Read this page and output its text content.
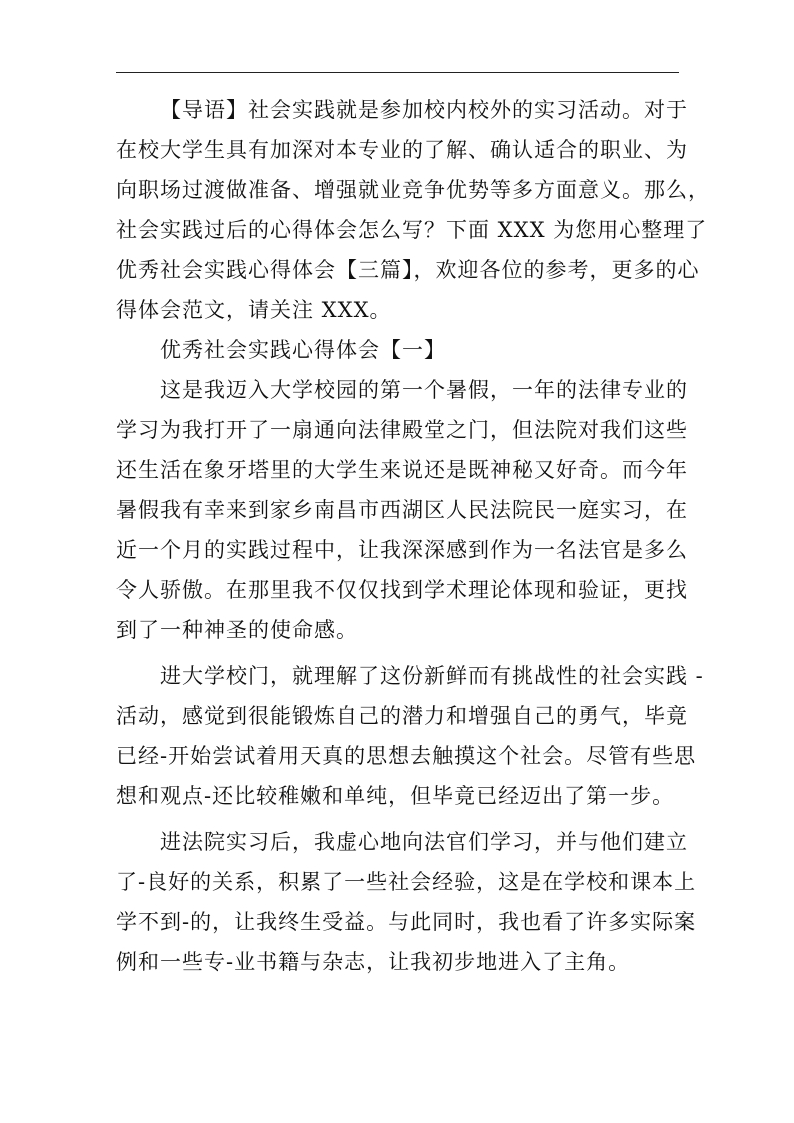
【导语】社会实践就是参加校内校外的实习活动。对于
在校大学生具有加深对本专业的了解、确认适合的职业、为
向职场过渡做准备、增强就业竞争优势等多方面意义。那么，
社会实践过后的心得体会怎么写？下面 XXX 为您用心整理了
优秀社会实践心得体会【三篇】，欢迎各位的参考，更多的心
得体会范文，请关注 XXX。
优秀社会实践心得体会【一】
这是我迈入大学校园的第一个暑假，一年的法律专业的
学习为我打开了一扇通向法律殿堂之门，但法院对我们这些
还生活在象牙塔里的大学生来说还是既神秘又好奇。而今年
暑假我有幸来到家乡南昌市西湖区人民法院民一庭实习，在
近一个月的实践过程中，让我深深感到作为一名法官是多么
令人骄傲。在那里我不仅仅找到学术理论体现和验证，更找
到了一种神圣的使命感。
进大学校门，就理解了这份新鲜而有挑战性的社会实践 -
活动，感觉到很能锻炼自己的潜力和增强自己的勇气，毕竟
已经-开始尝试着用天真的思想去触摸这个社会。尽管有些思
想和观点-还比较稚嫩和单纯，但毕竟已经迈出了第一步。
进法院实习后，我虚心地向法官们学习，并与他们建立
了-良好的关系，积累了一些社会经验，这是在学校和课本上
学不到-的，让我终生受益。与此同时，我也看了许多实际案
例和一些专-业书籍与杂志，让我初步地进入了主角。
